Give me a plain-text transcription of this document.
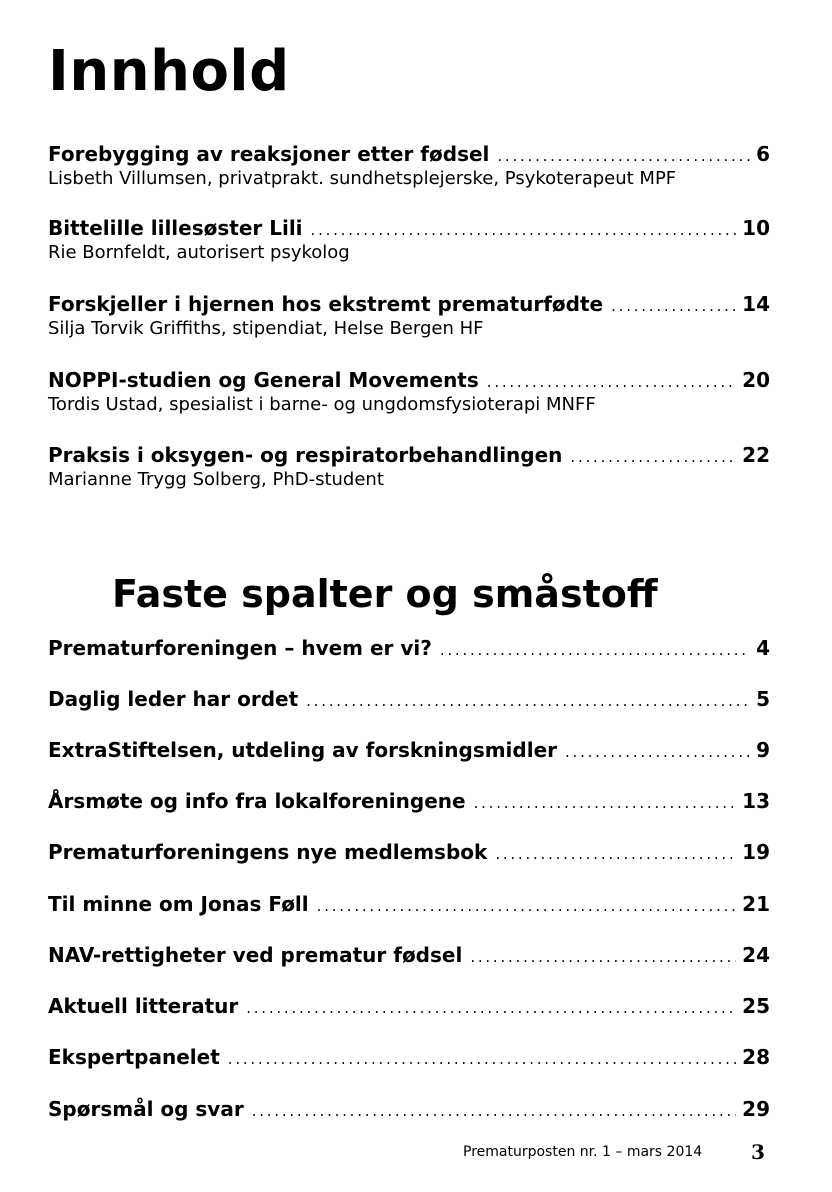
Innhold
Forebygging av reaksjoner etter fødsel . . .	6
Lisbeth Villumsen, privatprakt. sundhetsplejerske, Psykoterapeut MPF
Bittelille lillesøster Lili . . .	10
Rie Bornfeldt, autorisert psykolog
Forskjeller i hjernen hos ekstremt prematurfødte . . .	14
Silja Torvik Griffiths, stipendiat, Helse Bergen HF
NOPPI-studien og General Movements . . .	20
Tordis Ustad, spesialist i barne- og ungdomsfysioterapi MNFF
Praksis i oksygen- og respiratorbehandlingen . . .	22
Marianne Trygg Solberg, PhD-student
Faste spalter og småstoff
Prematurforeningen – hvem er vi? . . .	4
Daglig leder har ordet . . .	5
ExtraStiftelsen, utdeling av forskningsmidler . . .	9
Årsmøte og info fra lokalforeningene . . .	13
Prematurforeningens nye medlemsbok . . .	19
Til minne om Jonas Føll . . .	21
NAV-rettigheter ved prematur fødsel . . .	24
Aktuell litteratur . . .	25
Ekspertpanelet . . .	28
Spørsmål og svar . . .	29
Prematurposten nr. 1 – mars 2014 3
